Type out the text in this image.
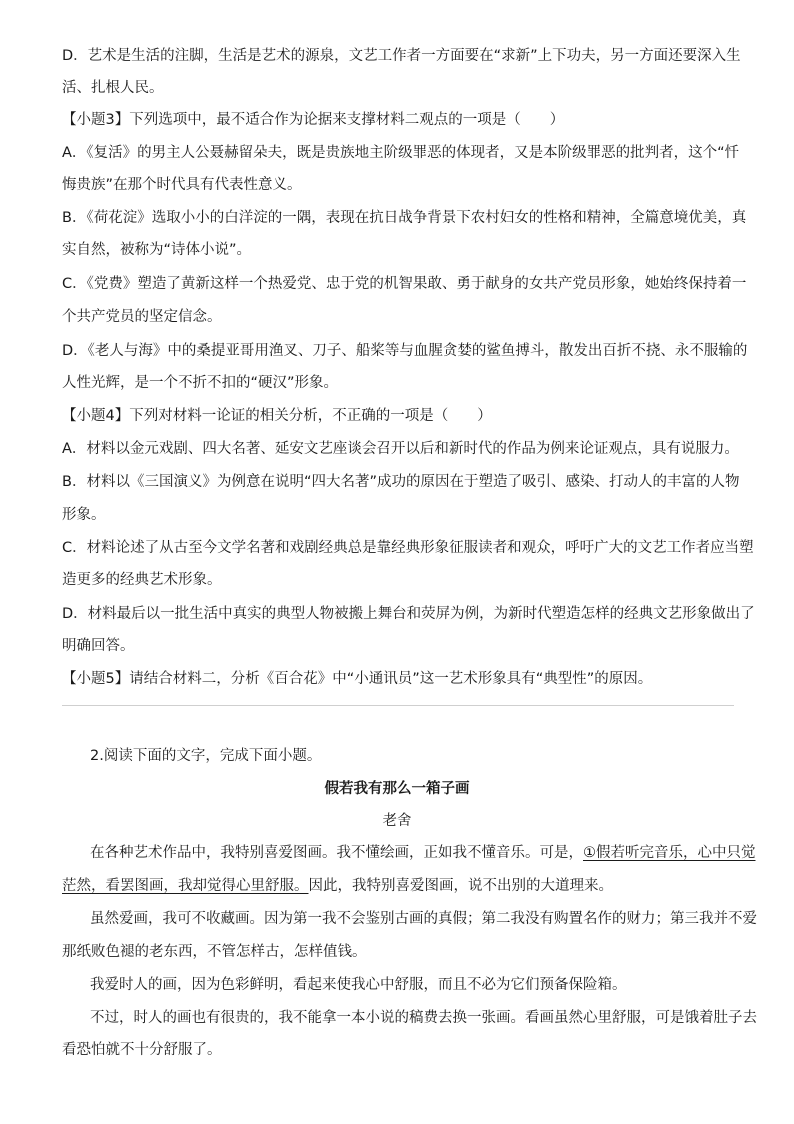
D．艺术是生活的注脚，生活是艺术的源泉，文艺工作者一方面要在“求新”上下功夫，另一方面还要深入生
活、扎根人民。
【小题3】下列选项中，最不适合作为论据来支撑材料二观点的一项是（　　）
A．《复活》的男主人公聂赫留朵夫，既是贵族地主阶级罪恶的体现者，又是本阶级罪恶的批判者，这个“忏
悔贵族”在那个时代具有代表性意义。
B．《荷花淀》选取小小的白洋淀的一隅，表现在抗日战争背景下农村妇女的性格和精神，全篇意境优美，真
实自然，被称为“诗体小说”。
C．《党费》塑造了黄新这样一个热爱党、忠于党的机智果敢、勇于献身的女共产党员形象，她始终保持着一
个共产党员的坚定信念。
D．《老人与海》中的桑提亚哥用渔叉、刀子、船桨等与血腥贪婪的鲨鱼搏斗，散发出百折不挠、永不服输的
人性光辉，是一个不折不扣的“硬汉”形象。
【小题4】下列对材料一论证的相关分析，不正确的一项是（　　）
A．材料以金元戏剧、四大名著、延安文艺座谈会召开以后和新时代的作品为例来论证观点，具有说服力。
B．材料以《三国演义》为例意在说明“四大名著”成功的原因在于塑造了吸引、感染、打动人的丰富的人物
形象。
C．材料论述了从古至今文学名著和戏剧经典总是靠经典形象征服读者和观众，呼吁广大的文艺工作者应当塑
造更多的经典艺术形象。
D．材料最后以一批生活中真实的典型人物被搬上舞台和荧屏为例，为新时代塑造怎样的经典文艺形象做出了
明确回答。
【小题5】请结合材料二，分析《百合花》中“小通讯员”这一艺术形象具有“典型性”的原因。
2.阅读下面的文字，完成下面小题。
假若我有那么一箱子画
老舍
在各种艺术作品中，我特别喜爱图画。我不懂绘画，正如我不懂音乐。可是，①假若听完音乐，心中只觉
茫然，看罢图画，我却觉得心里舒服。因此，我特别喜爱图画，说不出别的大道理来。
虽然爱画，我可不收藏画。因为第一我不会鉴别古画的真假；第二我没有购置名作的财力；第三我并不爱
那纸败色褪的老东西，不管怎样古，怎样值钱。
我爱时人的画，因为色彩鲜明，看起来使我心中舒服，而且不必为它们预备保险箱。
不过，时人的画也有很贵的，我不能拿一本小说的稿费去换一张画。看画虽然心里舒服，可是饿着肚子去
看恐怕就不十分舒服了。
